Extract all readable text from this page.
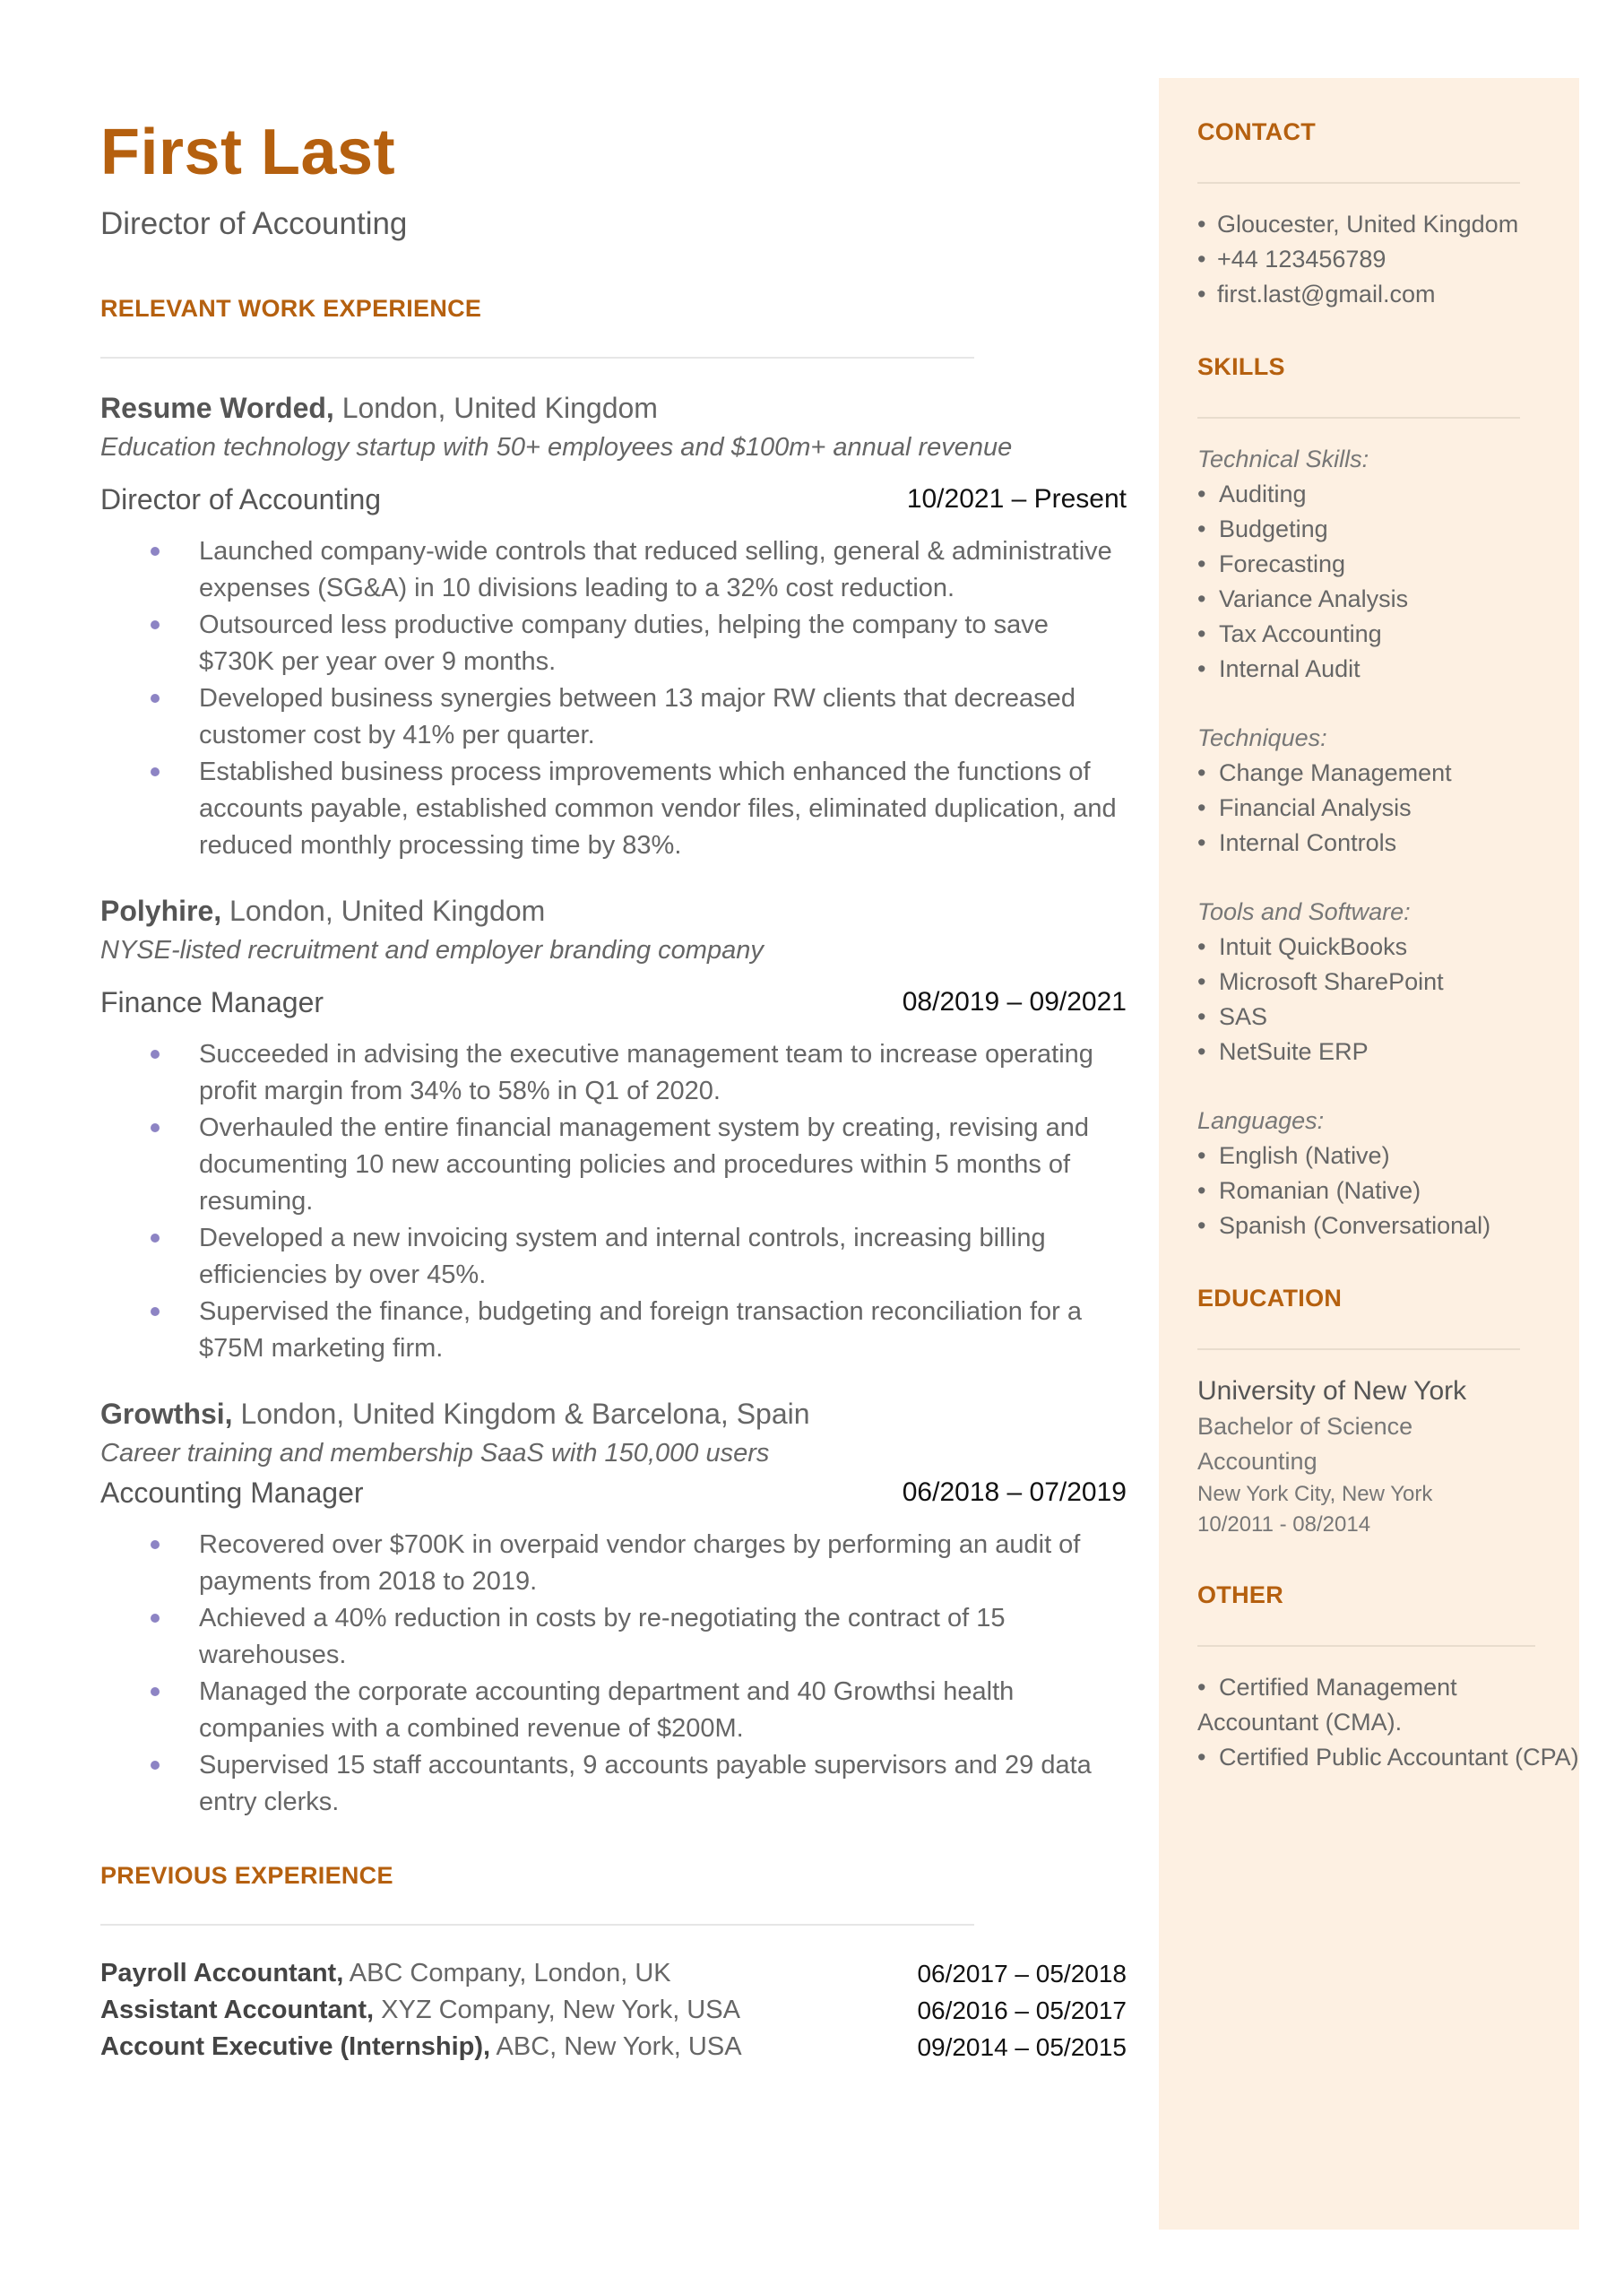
First Last
Director of Accounting
RELEVANT WORK EXPERIENCE
Resume Worded, London, United Kingdom
Education technology startup with 50+ employees and $100m+ annual revenue
Director of Accounting	10/2021 – Present
Launched company-wide controls that reduced selling, general & administrative expenses (SG&A) in 10 divisions leading to a 32% cost reduction.
Outsourced less productive company duties, helping the company to save $730K per year over 9 months.
Developed business synergies between 13 major RW clients that decreased customer cost by 41% per quarter.
Established business process improvements which enhanced the functions of accounts payable, established common vendor files, eliminated duplication, and reduced monthly processing time by 83%.
Polyhire, London, United Kingdom
NYSE-listed recruitment and employer branding company
Finance Manager	08/2019 – 09/2021
Succeeded in advising the executive management team to increase operating profit margin from 34% to 58% in Q1 of 2020.
Overhauled the entire financial management system by creating, revising and documenting 10 new accounting policies and procedures within 5 months of resuming.
Developed a new invoicing system and internal controls, increasing billing efficiencies by over 45%.
Supervised the finance, budgeting and foreign transaction reconciliation for a $75M marketing firm.
Growthsi, London, United Kingdom & Barcelona, Spain
Career training and membership SaaS with 150,000 users
Accounting Manager	06/2018 – 07/2019
Recovered over $700K in overpaid vendor charges by performing an audit of payments from 2018 to 2019.
Achieved a 40% reduction in costs by re-negotiating the contract of 15 warehouses.
Managed the corporate accounting department and 40 Growthsi health companies with a combined revenue of $200M.
Supervised 15 staff accountants, 9 accounts payable supervisors and 29 data entry clerks.
PREVIOUS EXPERIENCE
Payroll Accountant, ABC Company, London, UK	06/2017 – 05/2018
Assistant Accountant, XYZ Company, New York, USA	06/2016 – 05/2017
Account Executive (Internship), ABC, New York, USA	09/2014 – 05/2015
CONTACT
• Gloucester, United Kingdom
• +44 123456789
• first.last@gmail.com
SKILLS
Technical Skills:
• Auditing
• Budgeting
• Forecasting
• Variance Analysis
• Tax Accounting
• Internal Audit
Techniques:
• Change Management
• Financial Analysis
• Internal Controls
Tools and Software:
• Intuit QuickBooks
• Microsoft SharePoint
• SAS
• NetSuite ERP
Languages:
• English (Native)
• Romanian (Native)
• Spanish (Conversational)
EDUCATION
University of New York
Bachelor of Science
Accounting
New York City, New York
10/2011 - 08/2014
OTHER
• Certified Management Accountant (CMA).
• Certified Public Accountant (CPA)
